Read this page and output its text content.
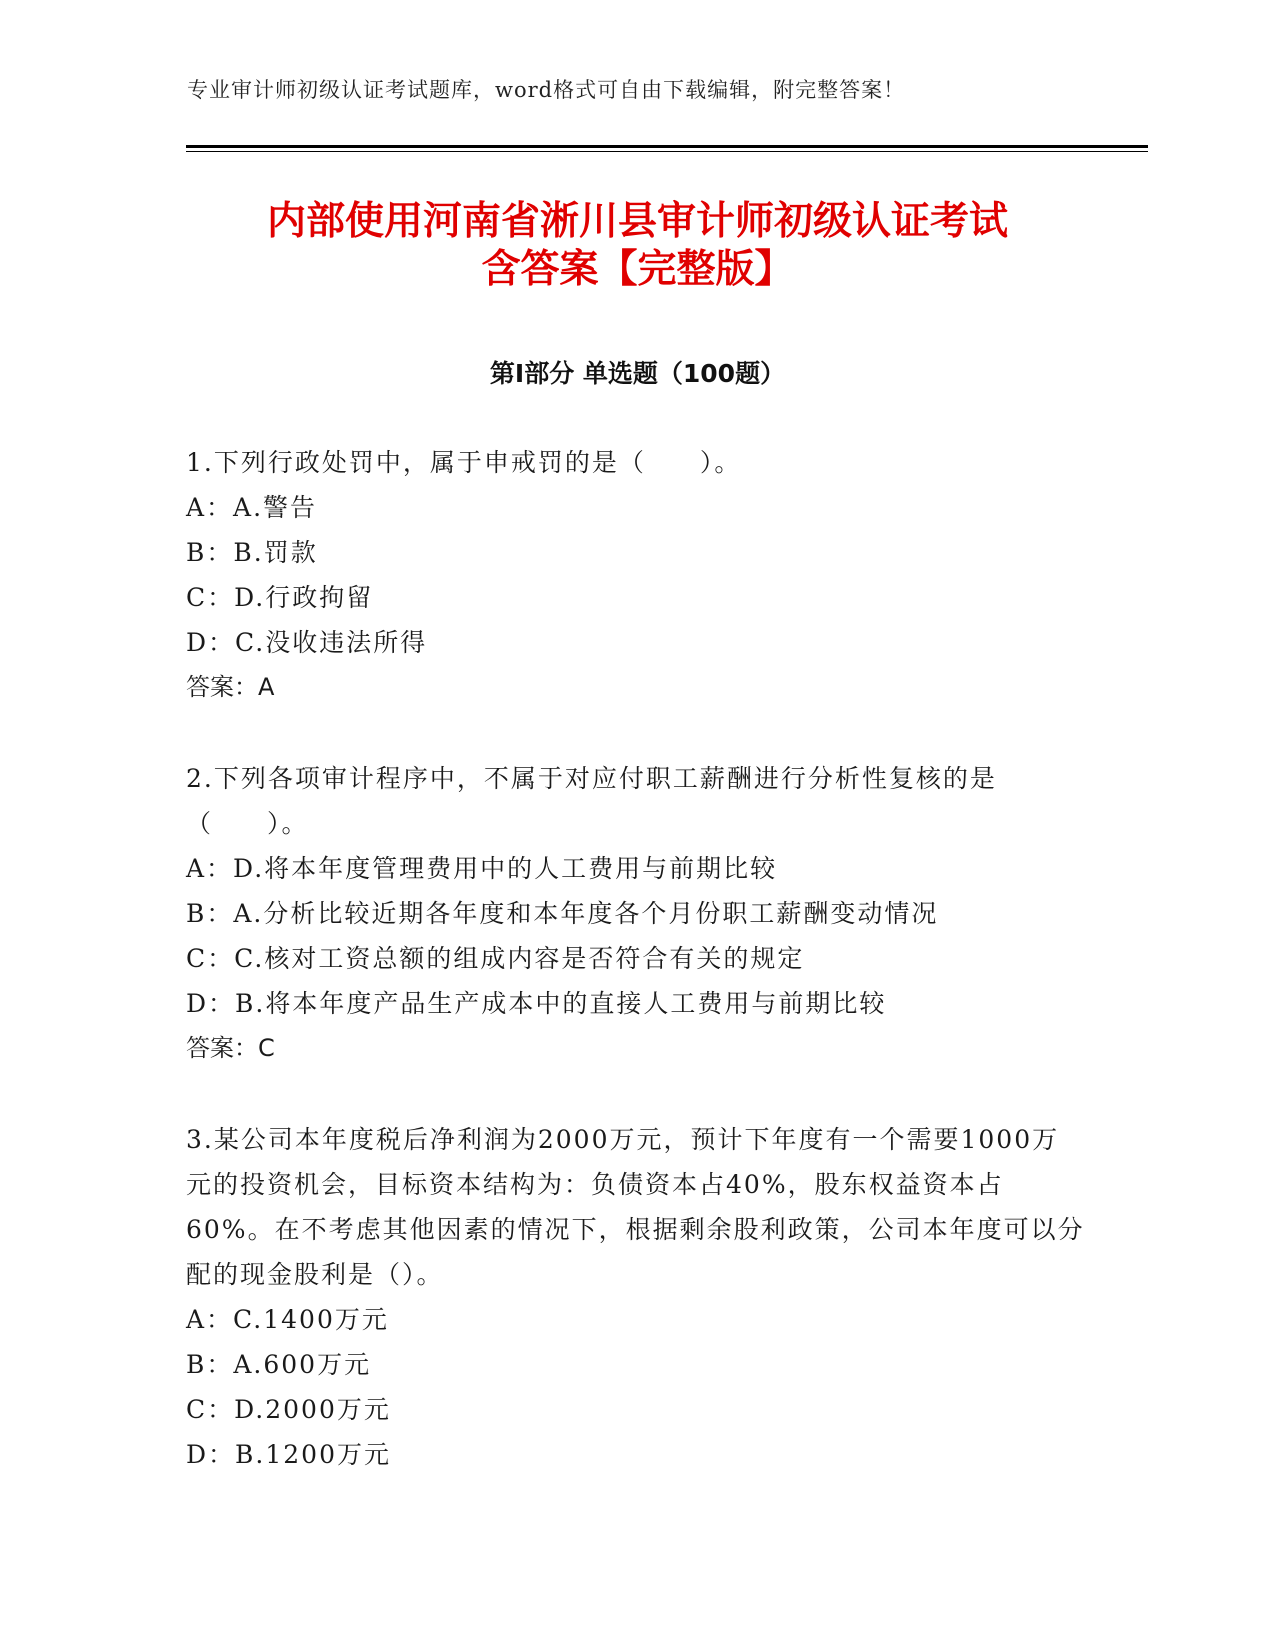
专业审计师初级认证考试题库，word格式可自由下载编辑，附完整答案！
内部使用河南省淅川县审计师初级认证考试
含答案【完整版】
第Ⅰ部分 单选题（100题）
1.下列行政处罚中，属于申戒罚的是（　　）。
A：A.警告
B：B.罚款
C：D.行政拘留
D：C.没收违法所得
答案：A
2.下列各项审计程序中，不属于对应付职工薪酬进行分析性复核的是（　　）。
A：D.将本年度管理费用中的人工费用与前期比较
B：A.分析比较近期各年度和本年度各个月份职工薪酬变动情况
C：C.核对工资总额的组成内容是否符合有关的规定
D：B.将本年度产品生产成本中的直接人工费用与前期比较
答案：C
3.某公司本年度税后净利润为2000万元，预计下年度有一个需要1000万元的投资机会，目标资本结构为：负债资本占40%，股东权益资本占60%。在不考虑其他因素的情况下，根据剩余股利政策，公司本年度可以分配的现金股利是（）。
A：C.1400万元
B：A.600万元
C：D.2000万元
D：B.1200万元
